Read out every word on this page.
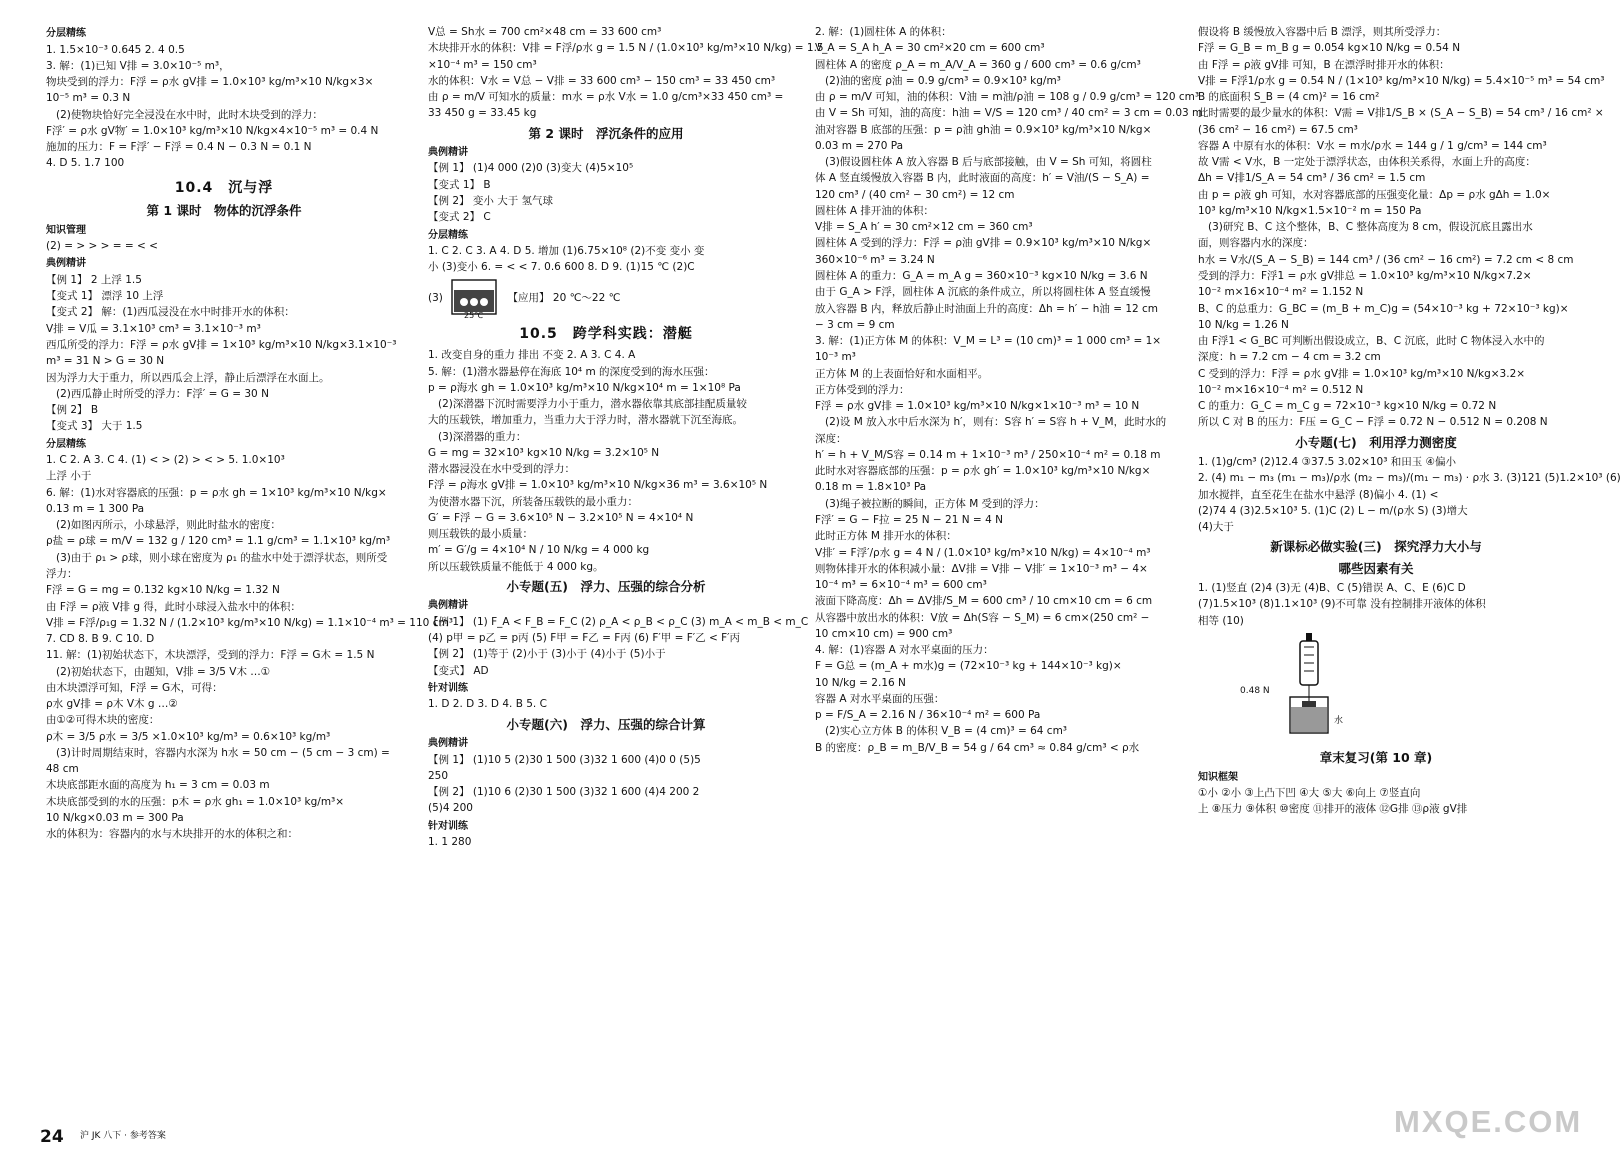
分层精练
1. 1.5×10⁻³ 0.645 2. 4 0.5
3. 解：(1)已知 V排 = 3.0×10⁻⁵ m³，
物块受到的浮力：F浮 = ρ水 gV排 = 1.0×10³ kg/m³×10 N/kg×3×
10⁻⁵ m³ = 0.3 N
(2)使物块恰好完全浸没在水中时，此时木块受到的浮力：
F浮′ = ρ水 gV物′ = 1.0×10³ kg/m³×10 N/kg×4×10⁻⁵ m³ = 0.4 N
施加的压力：F = F浮′ − F浮 = 0.4 N − 0.3 N = 0.1 N
4. D 5. 1.7 100
10.4　沉与浮
第 1 课时　物体的沉浮条件
知识管理
(2) = > > > = = < <
典例精讲
【例 1】 2 上浮 1.5
【变式 1】 漂浮 10 上浮
【变式 2】 解：(1)西瓜浸没在水中时排开水的体积：
V排 = V瓜 = 3.1×10³ cm³ = 3.1×10⁻³ m³
西瓜所受的浮力：F浮 = ρ水 gV排 = 1×10³ kg/m³×10 N/kg×3.1×10⁻³
m³ = 31 N > G = 30 N
因为浮力大于重力，所以西瓜会上浮，静止后漂浮在水面上。
(2)西瓜静止时所受的浮力：F浮′ = G = 30 N
【例 2】 B
【变式 3】 大于 1.5
分层精练
1. C 2. A 3. C 4. (1) < > (2) > < > 5. 1.0×10³
上浮 小于
6. 解：(1)水对容器底的压强：p = ρ水 gh = 1×10³ kg/m³×10 N/kg×
0.13 m = 1 300 Pa
(2)如图丙所示，小球悬浮，则此时盐水的密度：
ρ盐 = ρ球 = m/V = 132 g / 120 cm³ = 1.1 g/cm³ = 1.1×10³ kg/m³
(3)由于 ρ₁ > ρ球，则小球在密度为 ρ₁ 的盐水中处于漂浮状态，则所受
浮力：
F浮 = G = mg = 0.132 kg×10 N/kg = 1.32 N
由 F浮 = ρ液 V排 g 得，此时小球浸入盐水中的体积：
V排 = F浮/ρ₁g = 1.32 N / (1.2×10³ kg/m³×10 N/kg) = 1.1×10⁻⁴ m³ = 110 cm³
7. CD 8. B 9. C 10. D
11. 解：(1)初始状态下，木块漂浮，受到的浮力：F浮 = G木 = 1.5 N
(2)初始状态下，由题知，V排 = 3/5 V木 …①
由木块漂浮可知，F浮 = G木，可得：
ρ水 gV排 = ρ木 V木 g …②
由①②可得木块的密度：
ρ木 = 3/5 ρ水 = 3/5 ×1.0×10³ kg/m³ = 0.6×10³ kg/m³
(3)计时周期结束时，容器内水深为 h水 = 50 cm − (5 cm − 3 cm) =
48 cm
木块底部距水面的高度为 h₁ = 3 cm = 0.03 m
木块底部受到的水的压强：p木 = ρ水 gh₁ = 1.0×10³ kg/m³×
10 N/kg×0.03 m = 300 Pa
水的体积为：容器内的水与木块排开的水的体积之和：
V总 = Sh水 = 700 cm²×48 cm = 33 600 cm³
木块排开水的体积：V排 = F浮/ρ水 g = 1.5 N / (1.0×10³ kg/m³×10 N/kg) = 1.5
×10⁻⁴ m³ = 150 cm³
水的体积：V水 = V总 − V排 = 33 600 cm³ − 150 cm³ = 33 450 cm³
由 ρ = m/V 可知水的质量：m水 = ρ水 V水 = 1.0 g/cm³×33 450 cm³ =
33 450 g = 33.45 kg
第 2 课时　浮沉条件的应用
典例精讲
【例 1】 (1)4 000 (2)0 (3)变大 (4)5×10⁵
【变式 1】 B
【例 2】 变小 大于 氢气球
【变式 2】 C
分层精练
1. C 2. C 3. A 4. D 5. 增加 (1)6.75×10⁸ (2)不变 变小 变
小 (3)变小 6. = < < 7. 0.6 600 8. D 9. (1)15 ℃ (2)C
(3)
25℃
【应用】 20 ℃～22 ℃
10.5　跨学科实践：潜艇
1. 改变自身的重力 排出 不变 2. A 3. C 4. A
5. 解：(1)潜水器悬停在海底 10⁴ m 的深度受到的海水压强：
p = ρ海水 gh = 1.0×10³ kg/m³×10 N/kg×10⁴ m = 1×10⁸ Pa
(2)深潜器下沉时需要浮力小于重力，潜水器依靠其底部挂配质量较
大的压载铁，增加重力，当重力大于浮力时，潜水器就下沉至海底。
(3)深潜器的重力：
G = mg = 32×10³ kg×10 N/kg = 3.2×10⁵ N
潜水器浸没在水中受到的浮力：
F浮 = ρ海水 gV排 = 1.0×10³ kg/m³×10 N/kg×36 m³ = 3.6×10⁵ N
为使潜水器下沉，所装备压载铁的最小重力：
G′ = F浮 − G = 3.6×10⁵ N − 3.2×10⁵ N = 4×10⁴ N
则压载铁的最小质量：
m′ = G′/g = 4×10⁴ N / 10 N/kg = 4 000 kg
所以压载铁质量不能低于 4 000 kg。
小专题(五)　浮力、压强的综合分析
典例精讲
【例 1】 (1) F_A < F_B = F_C (2) ρ_A < ρ_B < ρ_C (3) m_A < m_B < m_C
(4) p甲 = p乙 = p丙 (5) F甲 = F乙 = F丙 (6) F′甲 = F′乙 < F′丙
【例 2】 (1)等于 (2)小于 (3)小于 (4)小于 (5)小于
【变式】 AD
针对训练
1. D 2. D 3. D 4. B 5. C
小专题(六)　浮力、压强的综合计算
典例精讲
【例 1】 (1)10 5 (2)30 1 500 (3)32 1 600 (4)0 0 (5)5
250
【例 2】 (1)10 6 (2)30 1 500 (3)32 1 600 (4)4 200 2
(5)4 200
针对训练
1. 1 280
2. 解：(1)圆柱体 A 的体积：
V_A = S_A h_A = 30 cm²×20 cm = 600 cm³
圆柱体 A 的密度 ρ_A = m_A/V_A = 360 g / 600 cm³ = 0.6 g/cm³
(2)油的密度 ρ油 = 0.9 g/cm³ = 0.9×10³ kg/m³
由 ρ = m/V 可知，油的体积：V油 = m油/ρ油 = 108 g / 0.9 g/cm³ = 120 cm³
由 V = Sh 可知，油的高度：h油 = V/S = 120 cm³ / 40 cm² = 3 cm = 0.03 m
油对容器 B 底部的压强：p = ρ油 gh油 = 0.9×10³ kg/m³×10 N/kg×
0.03 m = 270 Pa
(3)假设圆柱体 A 放入容器 B 后与底部接触，由 V = Sh 可知，将圆柱
体 A 竖直缓慢放入容器 B 内，此时液面的高度：h′ = V油/(S − S_A) =
120 cm³ / (40 cm² − 30 cm²) = 12 cm
圆柱体 A 排开油的体积：
V排 = S_A h′ = 30 cm²×12 cm = 360 cm³
圆柱体 A 受到的浮力：F浮 = ρ油 gV排 = 0.9×10³ kg/m³×10 N/kg×
360×10⁻⁶ m³ = 3.24 N
圆柱体 A 的重力：G_A = m_A g = 360×10⁻³ kg×10 N/kg = 3.6 N
由于 G_A > F浮，圆柱体 A 沉底的条件成立，所以将圆柱体 A 竖直缓慢
放入容器 B 内，释放后静止时油面上升的高度：Δh = h′ − h油 = 12 cm
− 3 cm = 9 cm
3. 解：(1)正方体 M 的体积：V_M = L³ = (10 cm)³ = 1 000 cm³ = 1×
10⁻³ m³
正方体 M 的上表面恰好和水面相平。
正方体受到的浮力：
F浮 = ρ水 gV排 = 1.0×10³ kg/m³×10 N/kg×1×10⁻³ m³ = 10 N
(2)设 M 放入水中后水深为 h′，则有：S容 h′ = S容 h + V_M，此时水的
深度：
h′ = h + V_M/S容 = 0.14 m + 1×10⁻³ m³ / 250×10⁻⁴ m² = 0.18 m
此时水对容器底部的压强：p = ρ水 gh′ = 1.0×10³ kg/m³×10 N/kg×
0.18 m = 1.8×10³ Pa
(3)绳子被拉断的瞬间，正方体 M 受到的浮力：
F浮′ = G − F拉 = 25 N − 21 N = 4 N
此时正方体 M 排开水的体积：
V排′ = F浮′/ρ水 g = 4 N / (1.0×10³ kg/m³×10 N/kg) = 4×10⁻⁴ m³
则物体排开水的体积减小量：ΔV排 = V排 − V排′ = 1×10⁻³ m³ − 4×
10⁻⁴ m³ = 6×10⁻⁴ m³ = 600 cm³
液面下降高度：Δh = ΔV排/S_M = 600 cm³ / 10 cm×10 cm = 6 cm
从容器中放出水的体积：V放 = Δh(S容 − S_M) = 6 cm×(250 cm² −
10 cm×10 cm) = 900 cm³
4. 解：(1)容器 A 对水平桌面的压力：
F = G总 = (m_A + m水)g = (72×10⁻³ kg + 144×10⁻³ kg)×
10 N/kg = 2.16 N
容器 A 对水平桌面的压强：
p = F/S_A = 2.16 N / 36×10⁻⁴ m² = 600 Pa
(2)实心立方体 B 的体积 V_B = (4 cm)³ = 64 cm³
B 的密度：ρ_B = m_B/V_B = 54 g / 64 cm³ ≈ 0.84 g/cm³ < ρ水
假设将 B 缓慢放入容器中后 B 漂浮，则其所受浮力：
F浮 = G_B = m_B g = 0.054 kg×10 N/kg = 0.54 N
由 F浮 = ρ液 gV排 可知，B 在漂浮时排开水的体积：
V排 = F浮1/ρ水 g = 0.54 N / (1×10³ kg/m³×10 N/kg) = 5.4×10⁻⁵ m³ = 54 cm³
B 的底面积 S_B = (4 cm)² = 16 cm²
此时需要的最少量水的体积：V需 = V排1/S_B × (S_A − S_B) = 54 cm³ / 16 cm² ×
(36 cm² − 16 cm²) = 67.5 cm³
容器 A 中原有水的体积：V水 = m水/ρ水 = 144 g / 1 g/cm³ = 144 cm³
故 V需 < V水，B 一定处于漂浮状态，由体积关系得，水面上升的高度：
Δh = V排1/S_A = 54 cm³ / 36 cm² = 1.5 cm
由 p = ρ液 gh 可知，水对容器底部的压强变化量：Δp = ρ水 gΔh = 1.0×
10³ kg/m³×10 N/kg×1.5×10⁻² m = 150 Pa
(3)研究 B、C 这个整体，B、C 整体高度为 8 cm，假设沉底且露出水
面，则容器内水的深度：
h水 = V水/(S_A − S_B) = 144 cm³ / (36 cm² − 16 cm²) = 7.2 cm < 8 cm
受到的浮力：F浮1 = ρ水 gV排总 = 1.0×10³ kg/m³×10 N/kg×7.2×
10⁻² m×16×10⁻⁴ m² = 1.152 N
B、C 的总重力：G_BC = (m_B + m_C)g = (54×10⁻³ kg + 72×10⁻³ kg)×
10 N/kg = 1.26 N
由 F浮1 < G_BC 可判断出假设成立，B、C 沉底，此时 C 物体浸入水中的
深度：h = 7.2 cm − 4 cm = 3.2 cm
C 受到的浮力：F浮 = ρ水 gV排 = 1.0×10³ kg/m³×10 N/kg×3.2×
10⁻² m×16×10⁻⁴ m² = 0.512 N
C 的重力：G_C = m_C g = 72×10⁻³ kg×10 N/kg = 0.72 N
所以 C 对 B 的压力：F压 = G_C − F浮 = 0.72 N − 0.512 N = 0.208 N
小专题(七)　利用浮力测密度
1. (1)g/cm³ (2)12.4 ③37.5 3.02×10³ 和田玉 ④偏小
2. (4) m₁ − m₃ (m₁ − m₃)/ρ水 (m₂ − m₃)/(m₁ − m₃) · ρ水 3. (3)121 (5)1.2×10³ (6)
加水搅拌，直至花生在盐水中悬浮 (8)偏小 4. (1) <
(2)74 4 (3)2.5×10³ 5. (1)C (2) L − m/(ρ水 S) (3)增大
(4)大于
新课标必做实验(三)　探究浮力大小与
哪些因素有关
1. (1)竖直 (2)4 (3)无 (4)B、C (5)错误 A、C、E (6)C D
(7)1.5×10³ (8)1.1×10³ (9)不可靠 没有控制排开液体的体积
相等 (10)
0.48 N
水
章末复习(第 10 章)
知识框架
①小 ②小 ③上凸下凹 ④大 ⑤大 ⑥向上 ⑦竖直向
上 ⑧压力 ⑨体积 ⑩密度 ⑪排开的液体 ⑫G排 ⑬ρ液 gV排
24 沪 JK 八下 · 参考答案	MXQE.COM
